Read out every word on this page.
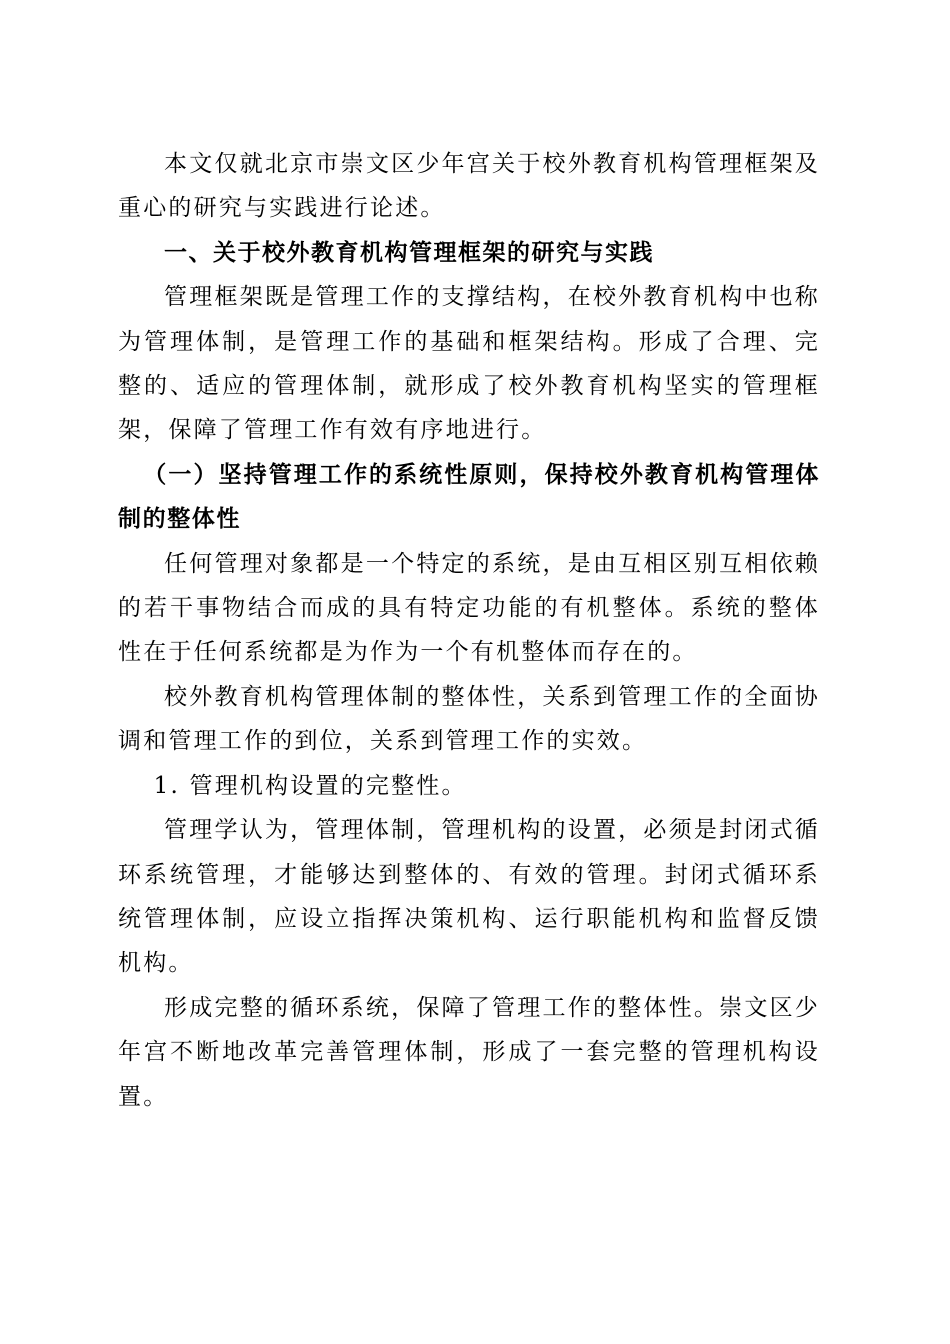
本文仅就北京市崇文区少年宫关于校外教育机构管理框架及重心的研究与实践进行论述。

一、关于校外教育机构管理框架的研究与实践

管理框架既是管理工作的支撑结构，在校外教育机构中也称为管理体制，是管理工作的基础和框架结构。形成了合理、完整的、适应的管理体制，就形成了校外教育机构坚实的管理框架，保障了管理工作有效有序地进行。

（一）坚持管理工作的系统性原则，保持校外教育机构管理体制的整体性

任何管理对象都是一个特定的系统，是由互相区别互相依赖的若干事物结合而成的具有特定功能的有机整体。系统的整体性在于任何系统都是为作为一个有机整体而存在的。

校外教育机构管理体制的整体性，关系到管理工作的全面协调和管理工作的到位，关系到管理工作的实效。

1. 管理机构设置的完整性。

管理学认为，管理体制，管理机构的设置，必须是封闭式循环系统管理，才能够达到整体的、有效的管理。封闭式循环系统管理体制，应设立指挥决策机构、运行职能机构和监督反馈机构。

形成完整的循环系统，保障了管理工作的整体性。崇文区少年宫不断地改革完善管理体制，形成了一套完整的管理机构设置。
